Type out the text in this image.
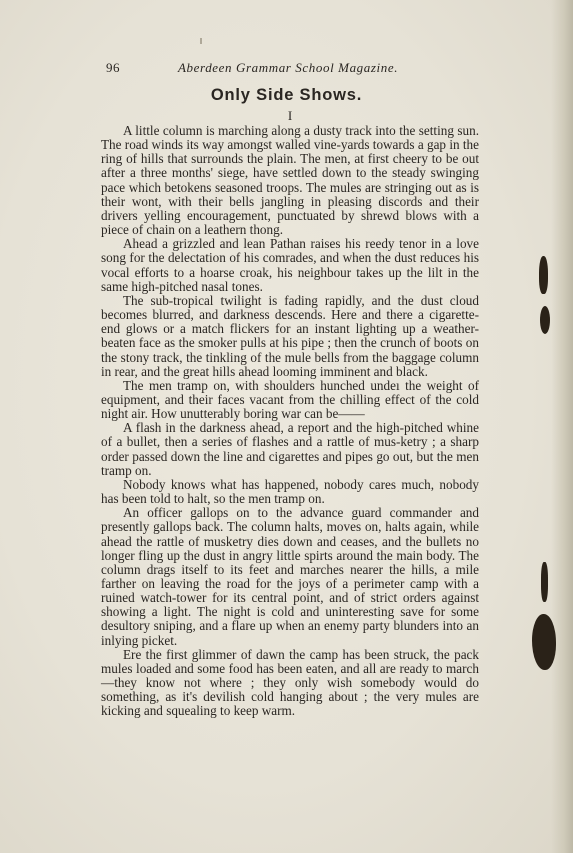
96	Aberdeen Grammar School Magazine.
Only Side Shows.
I

A little column is marching along a dusty track into the setting sun. The road winds its way amongst walled vine-yards towards a gap in the ring of hills that surrounds the plain. The men, at first cheery to be out after a three months' siege, have settled down to the steady swinging pace which betokens seasoned troops. The mules are stringing out as is their wont, with their bells jangling in pleasing discords and their drivers yelling encouragement, punctuated by shrewd blows with a piece of chain on a leathern thong.

Ahead a grizzled and lean Pathan raises his reedy tenor in a love song for the delectation of his comrades, and when the dust reduces his vocal efforts to a hoarse croak, his neighbour takes up the lilt in the same high-pitched nasal tones.

The sub-tropical twilight is fading rapidly, and the dust cloud becomes blurred, and darkness descends. Here and there a cigarette-end glows or a match flickers for an instant lighting up a weather-beaten face as the smoker pulls at his pipe ; then the crunch of boots on the stony track, the tinkling of the mule bells from the baggage column in rear, and the great hills ahead looming imminent and black.

The men tramp on, with shoulders hunched undeı the weight of equipment, and their faces vacant from the chilling effect of the cold night air. How unutterably boring war can be——

A flash in the darkness ahead, a report and the high-pitched whine of a bullet, then a series of flashes and a rattle of mus-ketry ; a sharp order passed down the line and cigarettes and pipes go out, but the men tramp on.

Nobody knows what has happened, nobody cares much, nobody has been told to halt, so the men tramp on.

An officer gallops on to the advance guard commander and presently gallops back. The column halts, moves on, halts again, while ahead the rattle of musketry dies down and ceases, and the bullets no longer fling up the dust in angry little spirts around the main body. The column drags itself to its feet and marches nearer the hills, a mile farther on leaving the road for the joys of a perimeter camp with a ruined watch-tower for its central point, and of strict orders against showing a light. The night is cold and uninteresting save for some desultory sniping, and a flare up when an enemy party blunders into an inlying picket.

Ere the first glimmer of dawn the camp has been struck, the pack mules loaded and some food has been eaten, and all are ready to march—they know not where ; they only wish somebody would do something, as it's devilish cold hanging about ; the very mules are kicking and squealing to keep warm.
